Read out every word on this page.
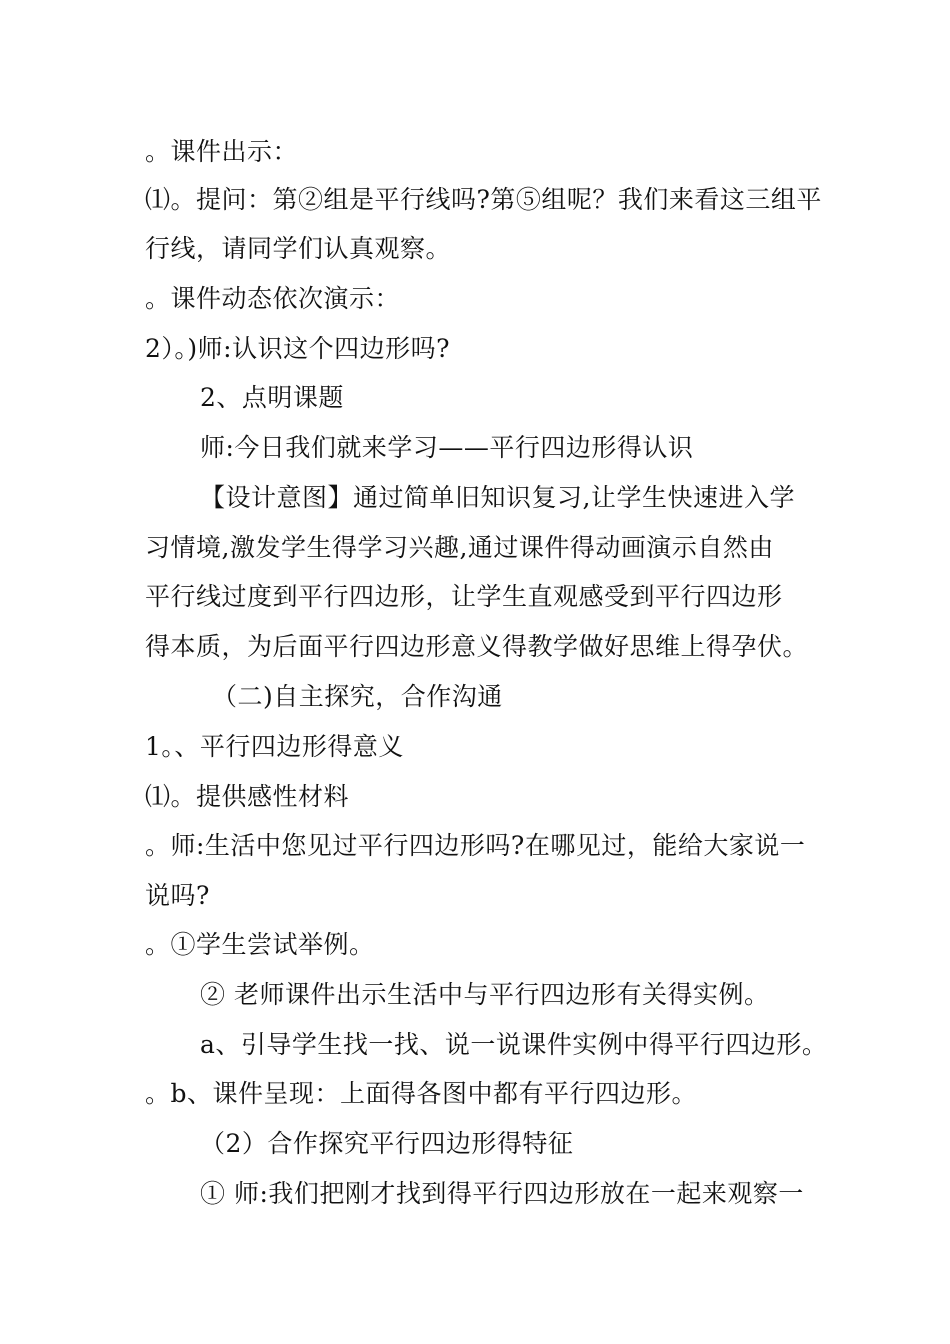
。课件出示：
⑴。提问：第②组是平行线吗?第⑤组呢？我们来看这三组平
行线，请同学们认真观察。
。课件动态依次演示：
2）。)师:认识这个四边形吗?
2、点明课题
师:今日我们就来学习——平行四边形得认识
【设计意图】通过简单旧知识复习,让学生快速进入学
习情境,激发学生得学习兴趣,通过课件得动画演示自然由
平行线过度到平行四边形，让学生直观感受到平行四边形
得本质，为后面平行四边形意义得教学做好思维上得孕伏。
（二)自主探究，合作沟通
1。、平行四边形得意义
⑴。提供感性材料
。师:生活中您见过平行四边形吗?在哪见过，能给大家说一
说吗?
。①学生尝试举例。
② 老师课件出示生活中与平行四边形有关得实例。
a、引导学生找一找、说一说课件实例中得平行四边形。
。b、课件呈现：上面得各图中都有平行四边形。
（2）合作探究平行四边形得特征
① 师:我们把刚才找到得平行四边形放在一起来观察一
